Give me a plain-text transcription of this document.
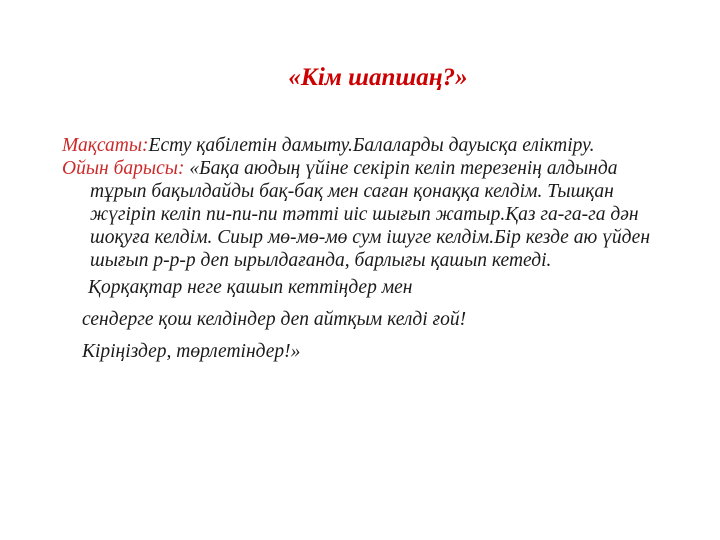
«Кім шапшаң?»

Мақсаты:Есту қабілетін дамыту.Балаларды дауысқа еліктіру.

Ойын барысы: «Бақа аюдың үйіне секіріп келіп терезенің алдында тұрып бақылдайды бақ-бақ мен саған қонаққа келдім. Тышқан жүгіріп келіп пи-пи-пи тәтті иіс шығып жатыр.Қаз га-га-га дән шоқуға келдім. Сиыр мө-мө-мө сум ішуге келдім.Бір кезде аю үйден шығып р-р-р деп ырылдағанда, барлығы қашып кетеді.

Қорқақтар неге қашып кеттіңдер мен

сендерге қош келдіндер деп айтқым келді ғой!

Кіріңіздер, төрлетіндер!»
